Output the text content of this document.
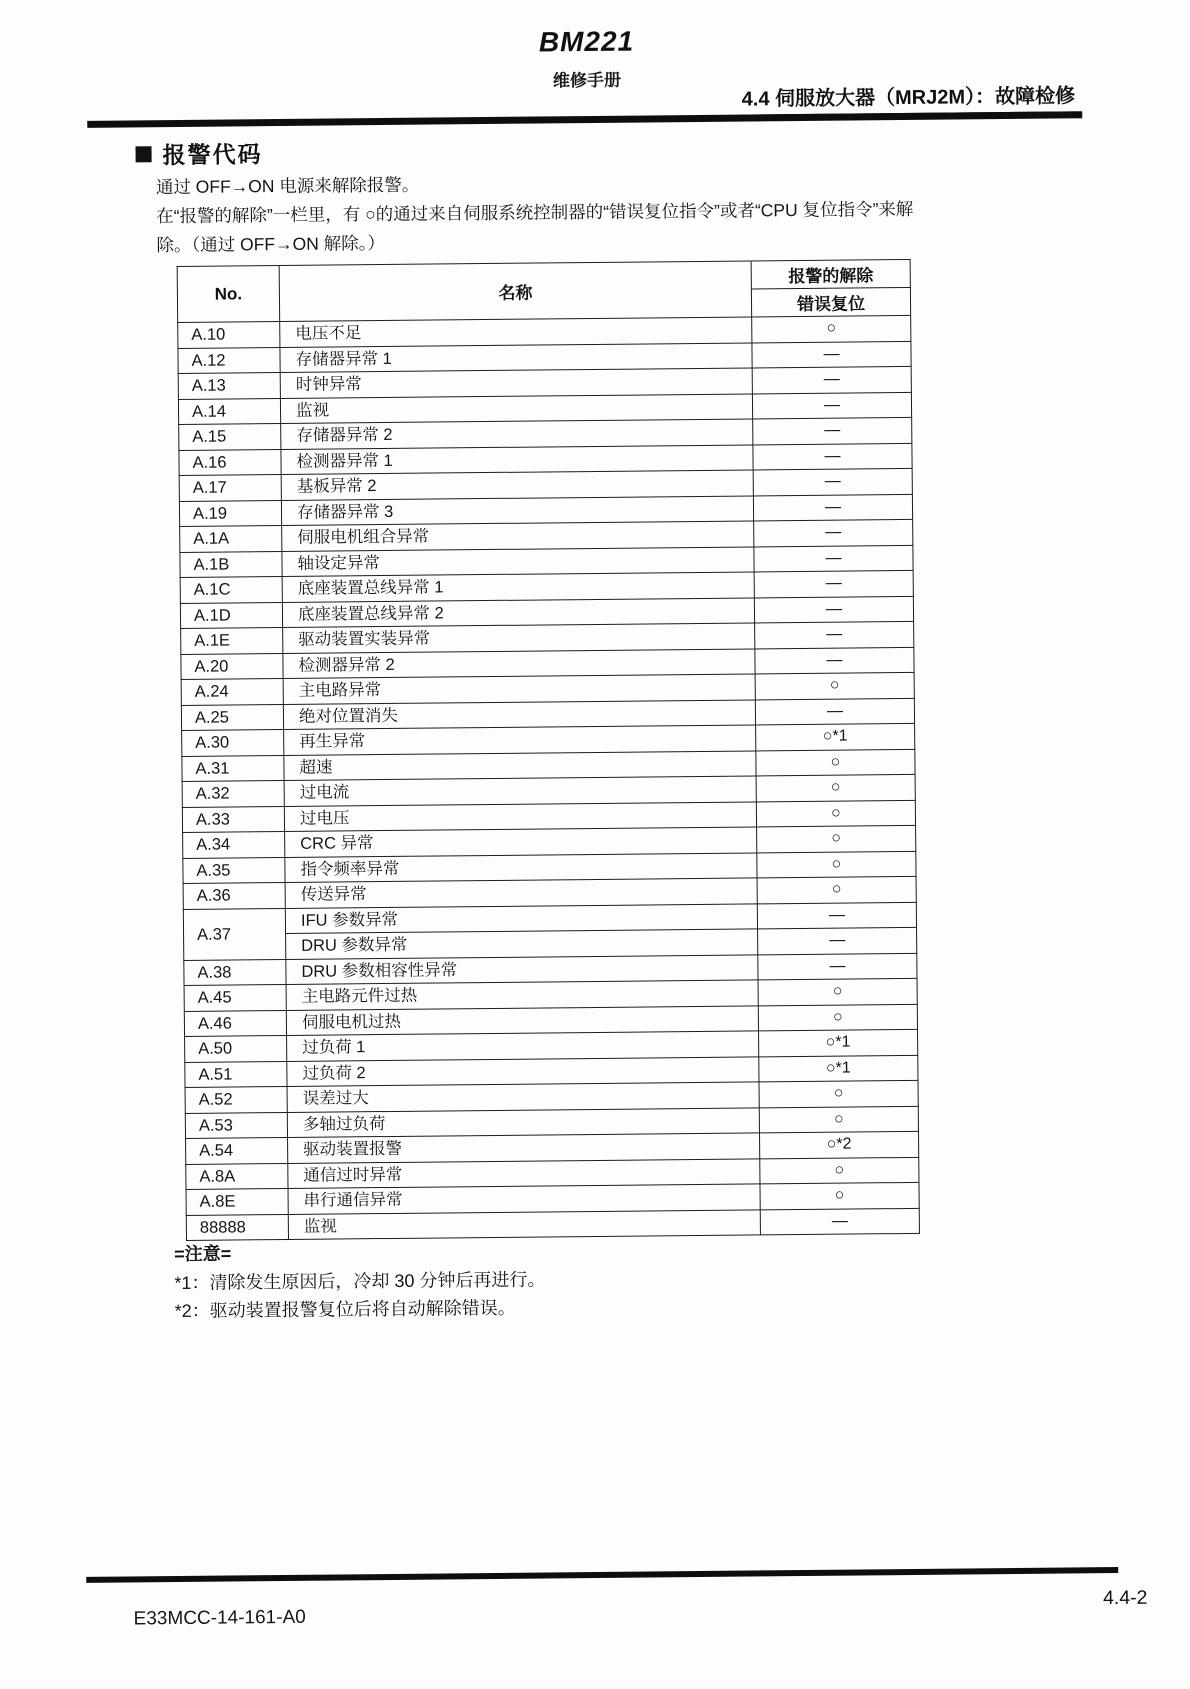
BM221
维修手册
4.4 伺服放大器（MRJ2M）：故障检修
报警代码
通过 OFF→ON 电源来解除报警。
在“报警的解除”一栏里，有 ○的通过来自伺服系统控制器的“错误复位指令”或者“CPU 复位指令”来解
除。（通过 OFF→ON 解除。）
No.	名称	报警的解除
		错误复位
A.10	电压不足	○
A.12	存储器异常 1	—
A.13	时钟异常	—
A.14	监视	—
A.15	存储器异常 2	—
A.16	检测器异常 1	—
A.17	基板异常 2	—
A.19	存储器异常 3	—
A.1A	伺服电机组合异常	—
A.1B	轴设定异常	—
A.1C	底座装置总线异常 1	—
A.1D	底座装置总线异常 2	—
A.1E	驱动装置实装异常	—
A.20	检测器异常 2	—
A.24	主电路异常	○
A.25	绝对位置消失	—
A.30	再生异常	○*1
A.31	超速	○
A.32	过电流	○
A.33	过电压	○
A.34	CRC 异常	○
A.35	指令频率异常	○
A.36	传送异常	○
A.37	IFU 参数异常	—
	DRU 参数异常	—
A.38	DRU 参数相容性异常	—
A.45	主电路元件过热	○
A.46	伺服电机过热	○
A.50	过负荷 1	○*1
A.51	过负荷 2	○*1
A.52	误差过大	○
A.53	多轴过负荷	○
A.54	驱动装置报警	○*2
A.8A	通信过时异常	○
A.8E	串行通信异常	○
88888	监视	—
=注意=
*1：清除发生原因后，冷却 30 分钟后再进行。
*2：驱动装置报警复位后将自动解除错误。
E33MCC-14-161-A0
4.4-2
